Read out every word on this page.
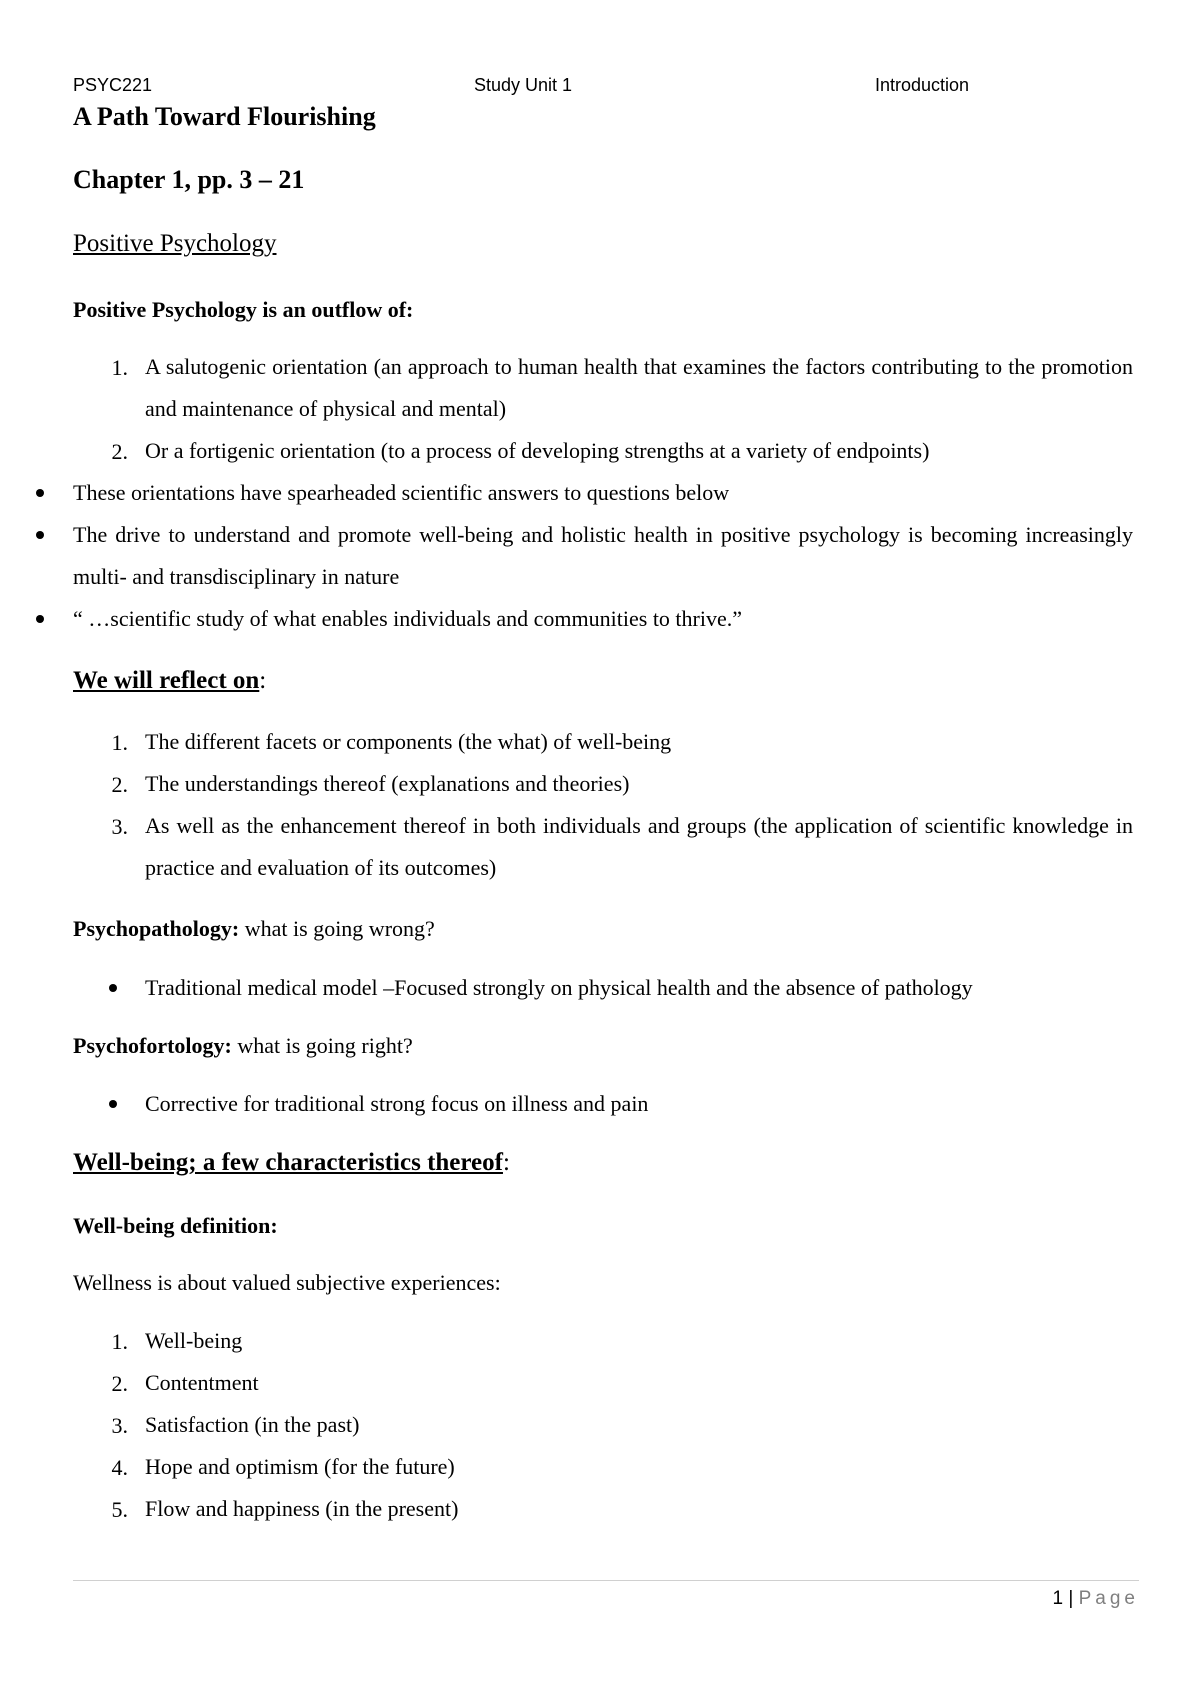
PSYC221	Study Unit 1	Introduction
A Path Toward Flourishing
Chapter 1, pp. 3 – 21
Positive Psychology
Positive Psychology is an outflow of:
1. A salutogenic orientation (an approach to human health that examines the factors contributing to the promotion and maintenance of physical and mental)
2. Or a fortigenic orientation (to a process of developing strengths at a variety of endpoints)
These orientations have spearheaded scientific answers to questions below
The drive to understand and promote well-being and holistic health in positive psychology is becoming increasingly multi- and transdisciplinary in nature
“ …scientific study of what enables individuals and communities to thrive.”
We will reflect on:
1. The different facets or components (the what) of well-being
2. The understandings thereof (explanations and theories)
3. As well as the enhancement thereof in both individuals and groups (the application of scientific knowledge in practice and evaluation of its outcomes)
Psychopathology: what is going wrong?
Traditional medical model –Focused strongly on physical health and the absence of pathology
Psychofortology: what is going right?
Corrective for traditional strong focus on illness and pain
Well-being; a few characteristics thereof:
Well-being definition:
Wellness is about valued subjective experiences:
1. Well-being
2. Contentment
3. Satisfaction (in the past)
4. Hope and optimism (for the future)
5. Flow and happiness (in the present)
1 | Page
